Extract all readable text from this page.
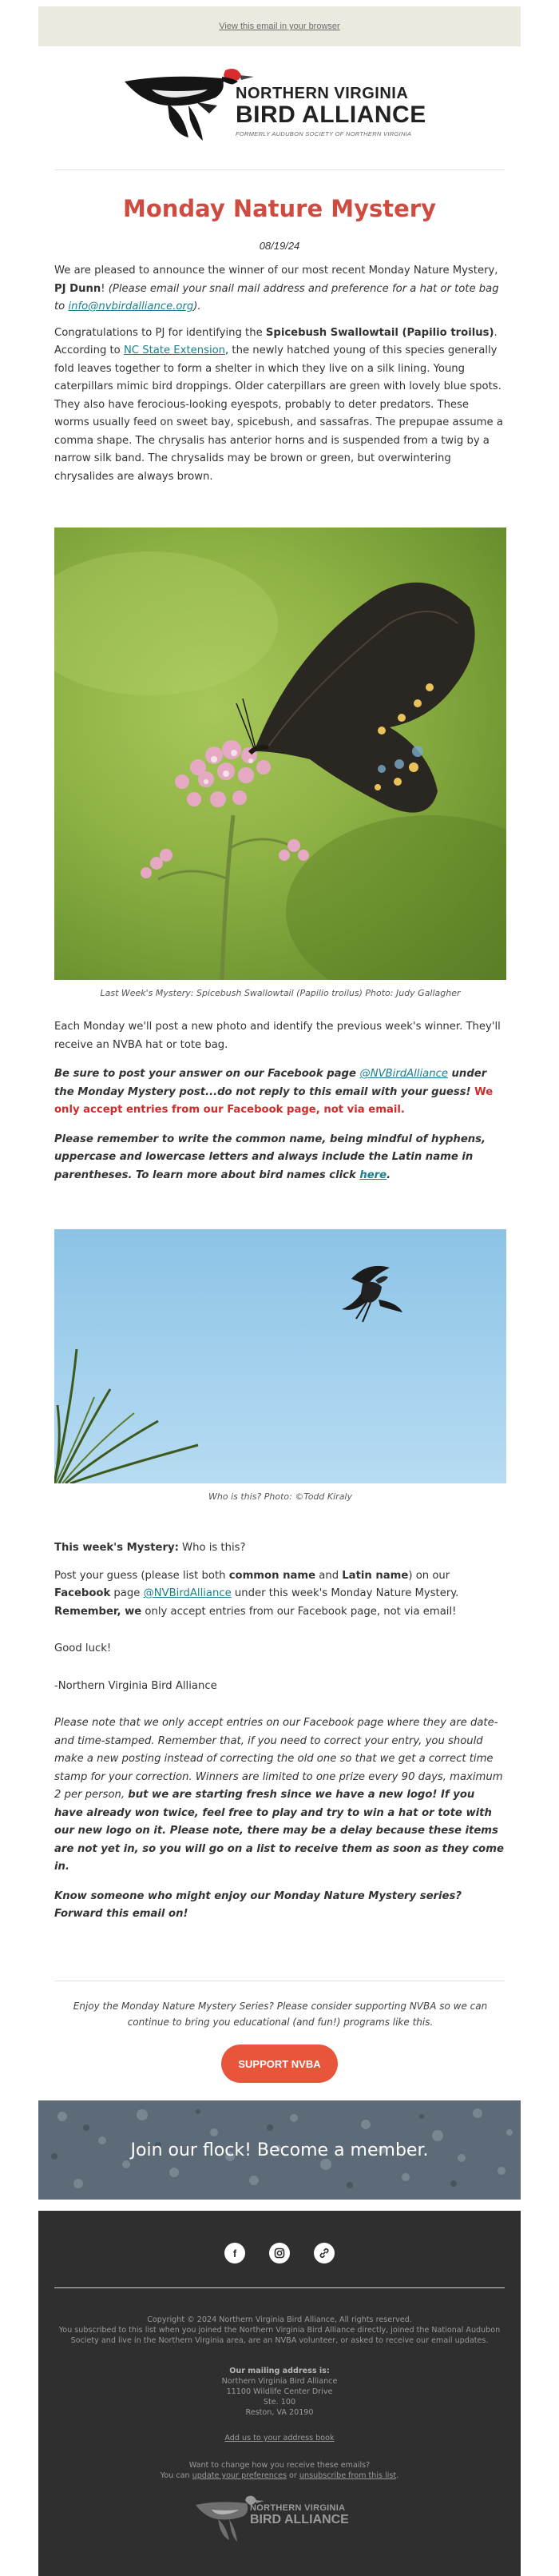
View this email in your browser
NORTHERN VIRGINIA
BIRD ALLIANCE
FORMERLY AUDUBON SOCIETY OF NORTHERN VIRGINIA
Monday Nature Mystery
08/19/24

We are pleased to announce the winner of our most recent Monday Nature Mystery, PJ Dunn! (Please email your snail mail address and preference for a hat or tote bag to info@nvbirdalliance.org).

Congratulations to PJ for identifying the Spicebush Swallowtail (Papilio troilus). According to NC State Extension, the newly hatched young of this species generally fold leaves together to form a shelter in which they live on a silk lining. Young caterpillars mimic bird droppings. Older caterpillars are green with lovely blue spots. They also have ferocious-looking eyespots, probably to deter predators. These worms usually feed on sweet bay, spicebush, and sassafras. The prepupae assume a comma shape. The chrysalis has anterior horns and is suspended from a twig by a narrow silk band. The chrysalids may be brown or green, but overwintering chrysalides are always brown.

Last Week's Mystery: Spicebush Swallowtail (Papilio troilus) Photo: Judy Gallagher

Each Monday we'll post a new photo and identify the previous week's winner. They'll receive an NVBA hat or tote bag.

Be sure to post your answer on our Facebook page @NVBirdAlliance under the Monday Mystery post...do not reply to this email with your guess! We only accept entries from our Facebook page, not via email.

Please remember to write the common name, being mindful of hyphens, uppercase and lowercase letters and always include the Latin name in parentheses. To learn more about bird names click here.

Who is this? Photo: ©Todd Kiraly

This week's Mystery: Who is this?

Post your guess (please list both common name and Latin name) on our Facebook page @NVBirdAlliance under this week's Monday Nature Mystery. Remember, we only accept entries from our Facebook page, not via email!

Good luck!

-Northern Virginia Bird Alliance

Please note that we only accept entries on our Facebook page where they are date- and time-stamped. Remember that, if you need to correct your entry, you should make a new posting instead of correcting the old one so that we get a correct time stamp for your correction. Winners are limited to one prize every 90 days, maximum 2 per person, but we are starting fresh since we have a new logo! If you have already won twice, feel free to play and try to win a hat or tote with our new logo on it. Please note, there may be a delay because these items are not yet in, so you will go on a list to receive them as soon as they come in.

Know someone who might enjoy our Monday Nature Mystery series? Forward this email on!

Enjoy the Monday Nature Mystery Series? Please consider supporting NVBA so we can continue to bring you educational (and fun!) programs like this.
SUPPORT NVBA
Join our flock! Become a member.
f
Copyright © 2024 Northern Virginia Bird Alliance, All rights reserved.
You subscribed to this list when you joined the Northern Virginia Bird Alliance directly, joined the National Audubon Society and live in the Northern Virginia area, are an NVBA volunteer, or asked to receive our email updates.
Our mailing address is:
Northern Virginia Bird Alliance
11100 Wildlife Center Drive
Ste. 100
Reston, VA 20190
Add us to your address book
Want to change how you receive these emails?
You can update your preferences or unsubscribe from this list.
NORTHERN VIRGINIA
BIRD ALLIANCE
